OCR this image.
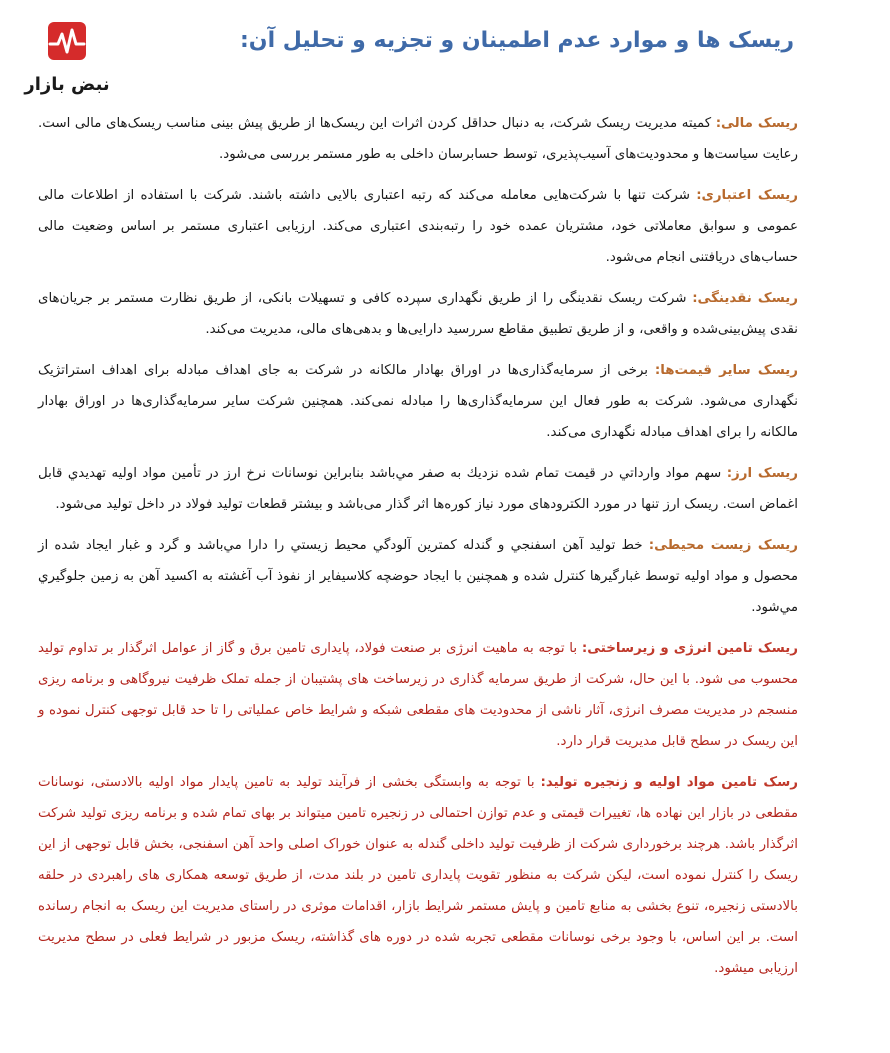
نبض بازار
ریسک ها و موارد عدم اطمینان و تجزیه و تحلیل آن:

ریسک مالی: کمیته مدیریت ریسک شرکت، به دنبال حداقل کردن اثرات این ریسک‌ها از طریق پیش بینی مناسب ریسک‌های مالی است. رعایت سیاست‌ها و محدودیت‌های آسیب‌پذیری، توسط حسابرسان داخلی به طور مستمر بررسی می‌شود.

ریسک اعتباری: شرکت تنها با شرکت‌هایی معامله می‌کند که رتبه اعتباری بالایی داشته باشند. شرکت با استفاده از اطلاعات مالی عمومی و سوابق معاملاتی خود، مشتریان عمده خود را رتبه‌بندی اعتباری می‌کند. ارزیابی اعتباری مستمر بر اساس وضعیت مالی حساب‌های دریافتنی انجام می‌شود.

ریسک نقدینگی: شرکت ریسک نقدینگی را از طریق نگهداری سپرده کافی و تسهیلات بانکی، از طریق نظارت مستمر بر جریان‌های نقدی پیش‌بینی‌شده و واقعی، و از طریق تطبیق مقاطع سررسید دارایی‌ها و بدهی‌های مالی، مدیریت می‌کند.

ریسک سایر قیمت‌ها: برخی از سرمایه‌گذاری‌ها در اوراق بهادار مالکانه در شرکت به جای اهداف مبادله برای اهداف استراتژیک نگهداری می‌شود. شرکت به طور فعال این سرمایه‌گذاری‌ها را مبادله نمی‌کند. همچنین شرکت سایر سرمایه‌گذاری‌ها در اوراق بهادار مالکانه را برای اهداف مبادله نگهداری می‌کند.

ریسک ارز: سهم مواد وارداتي در قيمت تمام شده نزديك به صفر مي‌باشد بنابراين نوسانات نرخ ارز در تأمين مواد اوليه تهديدي قابل اغماض است. ریسک ارز تنها در مورد الکترودهای مورد نیاز کوره‌ها اثر گذار می‌باشد و بیشتر قطعات تولید فولاد در داخل تولید می‌شود.

ریسک زیست محیطی: خط توليد آهن اسفنجي و گندله كمترين آلودگي محيط زيستي را دارا مي‌باشد و گرد و غبار ايجاد شده از محصول و مواد اوليه توسط غبارگيرها كنترل شده و همچنين با ايجاد حوضچه كلاسيفاير از نفوذ آب آغشته به اكسيد آهن به زمين جلوگيري مي‌شود.

ریسک تامین انرژی و زیرساختی: با توجه به ماهیت انرژی بر صنعت فولاد، پایداری تامین برق و گاز از عوامل اثرگذار بر تداوم تولید محسوب می شود. با این حال، شرکت از طریق سرمایه گذاری در زیرساخت های پشتیبان از جمله تملک ظرفیت نیروگاهی و برنامه ریزی منسجم در مدیریت مصرف انرژی، آثار ناشی از محدودیت های مقطعی شبکه و شرایط خاص عملیاتی را تا حد قابل توجهی کنترل نموده و این ریسک در سطح قابل مدیریت قرار دارد.

رسک تامین مواد اولیه و زنجیره تولید: با توجه به وابستگی بخشی از فرآیند تولید به تامین پایدار مواد اولیه بالادستی، نوسانات مقطعی در بازار این نهاده ها، تغییرات قیمتی و عدم توازن احتمالی در زنجیره تامین میتواند بر بهای تمام شده و برنامه ریزی تولید شرکت اثرگذار باشد. هرچند برخورداری شرکت از ظرفیت تولید داخلی گندله به عنوان خوراک اصلی واحد آهن اسفنجی، بخش قابل توجهی از این ریسک را کنترل نموده است، لیکن شرکت به منظور تقویت پایداری تامین در بلند مدت، از طریق توسعه همکاری های راهبردی در حلقه بالادستی زنجیره، تنوع بخشی به منابع تامین و پایش مستمر شرایط بازار، اقدامات موثری در راستای مدیریت این ریسک به انجام رسانده است. بر این اساس، با وجود برخی نوسانات مقطعی تجربه شده در دوره های گذاشته، ریسک مزبور در شرایط فعلی در سطح مدیریت ارزیابی میشود.
